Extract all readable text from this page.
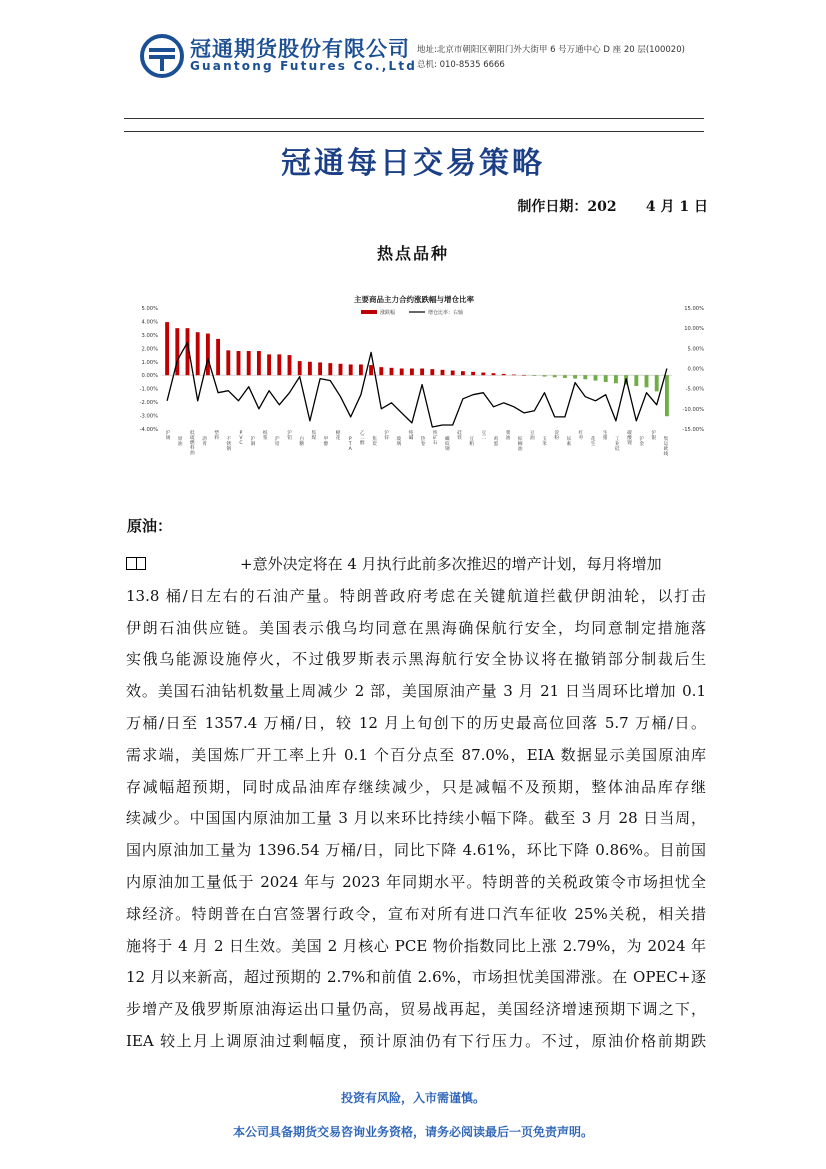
冠通期货股份有限公司
Guantong Futures Co.,Ltd
地址:北京市朝阳区朝阳门外大街甲 6 号万通中心 D 座 20 层(100020)
总机: 010-8535 6666
冠通每日交易策略
制作日期：202      4 月 1 日
热点品种
主要商品主力合约涨跌幅与增仓比率
涨跌幅	增仓比率：右轴
5.00%
4.00%
3.00%
2.00%
1.00%
0.00%
-1.00%
-2.00%
-3.00%
-4.00%
15.00%
10.00%
5.00%
0.00%
-5.00%
-10.00%
-15.00%
沪锡 原油
低硫燃料油
沥青
塑料 不锈钢
P V C
沪铜
纸浆 沪铅
沪铝 白糖
焦煤 甲醇
棉花 P T A
乙二醇
焦炭
沪锌 玻璃
纯碱 热卷
铁矿石
螺纹钢
硅铁 豆粕
豆二 鸡蛋
菜油 棕榈油
豆油 玉米
淀粉 尿素
红枣 花生
生猪 工业硅
碳酸锂
沪金
沪银 集运欧线
原油：
+意外决定将在 4 月执行此前多次推迟的增产计划，每月将增加
13.8 桶/日左右的石油产量。特朗普政府考虑在关键航道拦截伊朗油轮，以打击
伊朗石油供应链。美国表示俄乌均同意在黑海确保航行安全，均同意制定措施落
实俄乌能源设施停火，不过俄罗斯表示黑海航行安全协议将在撤销部分制裁后生
效。美国石油钻机数量上周减少 2 部，美国原油产量 3 月 21 日当周环比增加 0.1
万桶/日至 1357.4 万桶/日，较 12 月上旬创下的历史最高位回落 5.7 万桶/日。
需求端，美国炼厂开工率上升 0.1 个百分点至 87.0%，EIA 数据显示美国原油库
存减幅超预期，同时成品油库存继续减少，只是减幅不及预期，整体油品库存继
续减少。中国国内原油加工量 3 月以来环比持续小幅下降。截至 3 月 28 日当周，
国内原油加工量为 1396.54 万桶/日，同比下降 4.61%，环比下降 0.86%。目前国
内原油加工量低于 2024 年与 2023 年同期水平。特朗普的关税政策令市场担忧全
球经济。特朗普在白宫签署行政令，宣布对所有进口汽车征收 25%关税，相关措
施将于 4 月 2 日生效。美国 2 月核心 PCE 物价指数同比上涨 2.79%，为 2024 年
12 月以来新高，超过预期的 2.7%和前值 2.6%，市场担忧美国滞涨。在 OPEC+逐
步增产及俄罗斯原油海运出口量仍高，贸易战再起，美国经济增速预期下调之下，
IEA 较上月上调原油过剩幅度，预计原油仍有下行压力。不过，原油价格前期跌
投资有风险，入市需谨慎。
本公司具备期货交易咨询业务资格，请务必阅读最后一页免责声明。
